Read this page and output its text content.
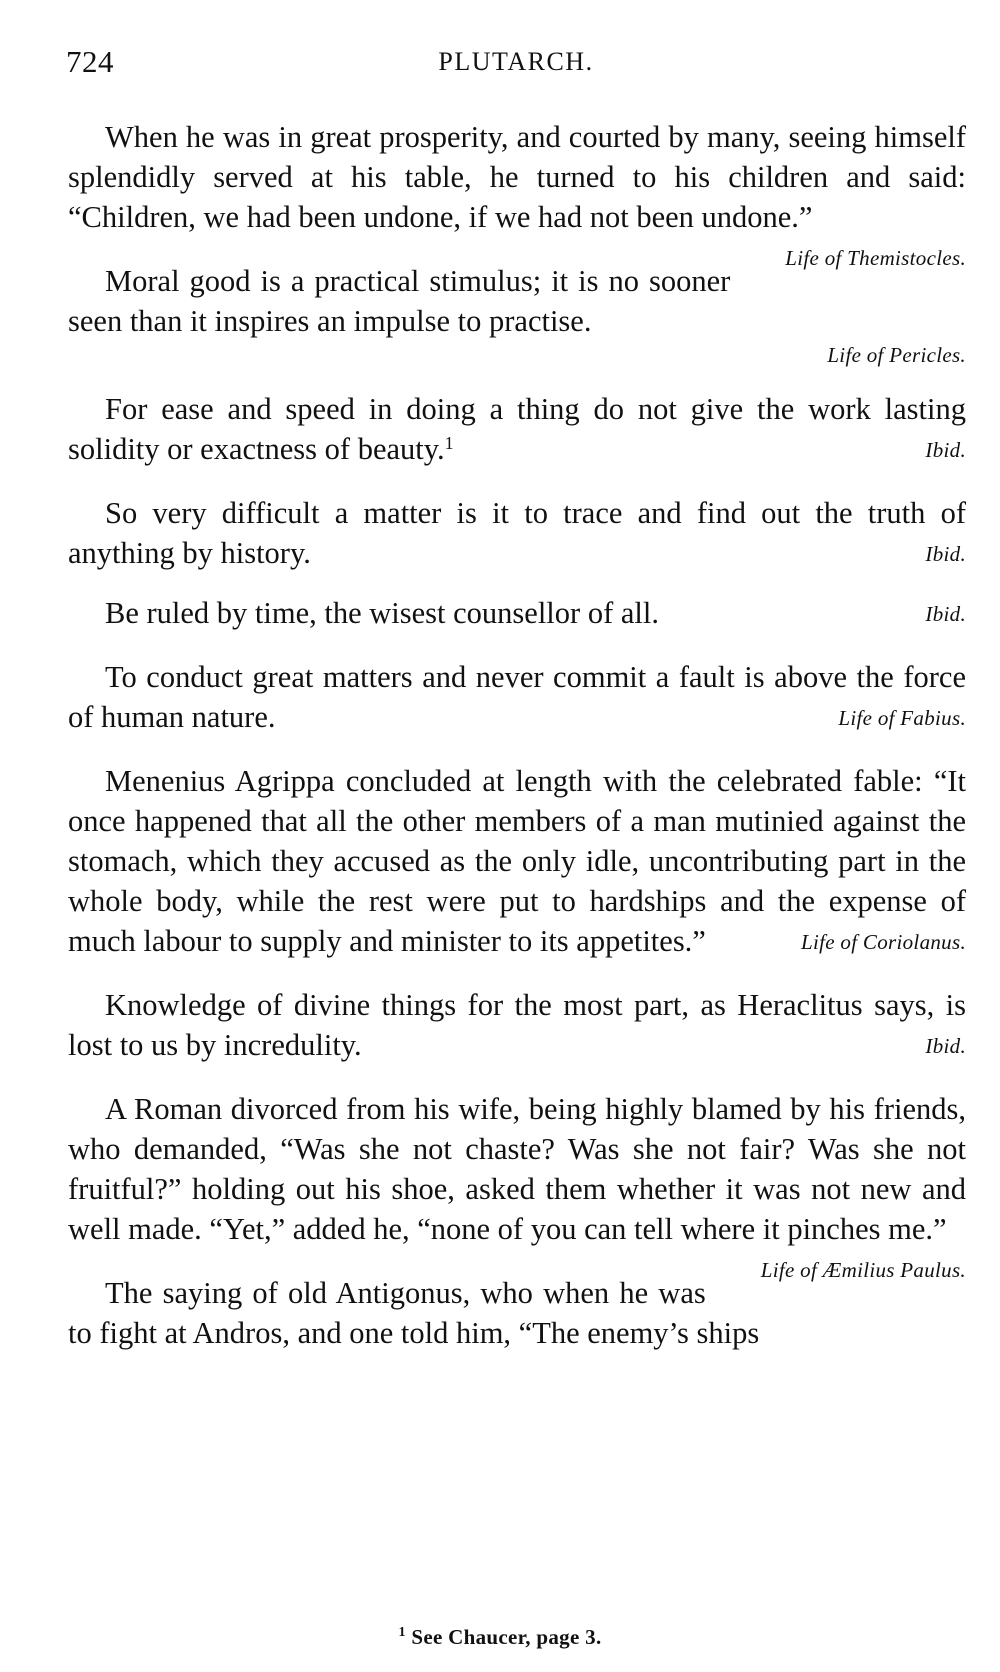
724	PLUTARCH.

When he was in great prosperity, and courted by many, seeing himself splendidly served at his table, he turned to his children and said: “Children, we had been undone, if we had not been undone.”
Life of Themistocles.

Moral good is a practical stimulus; it is no sooner seen than it inspires an impulse to practise.
Life of Pericles.

For ease and speed in doing a thing do not give the work lasting solidity or exactness of beauty.$^1$	Ibid.

So very difficult a matter is it to trace and find out the truth of anything by history.	Ibid.

Be ruled by time, the wisest counsellor of all.	Ibid.

To conduct great matters and never commit a fault is above the force of human nature.	Life of Fabius.

Menenius Agrippa concluded at length with the celebrated fable: “It once happened that all the other members of a man mutinied against the stomach, which they accused as the only idle, uncontributing part in the whole body, while the rest were put to hardships and the expense of much labour to supply and minister to its appetites.”	Life of Coriolanus.

Knowledge of divine things for the most part, as Heraclitus says, is lost to us by incredulity.	Ibid.

A Roman divorced from his wife, being highly blamed by his friends, who demanded, “Was she not chaste? Was she not fair? Was she not fruitful?” holding out his shoe, asked them whether it was not new and well made. “Yet,” added he, “none of you can tell where it pinches me.”
Life of Æmilius Paulus.

The saying of old Antigonus, who when he was to fight at Andros, and one told him, “The enemy’s ships

$^1$ See Chaucer, page 3.
